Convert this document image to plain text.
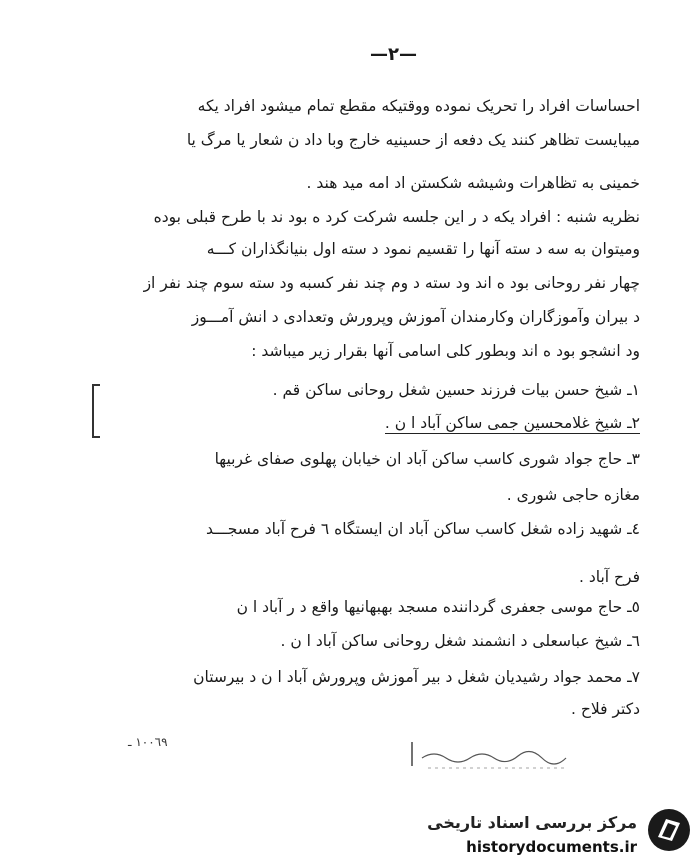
—٢—
احساسات افراد را تحریک نموده ووقتیکه مقطع تمام میشود افراد یکه
میبایست تظاهر کنند یک دفعه از حسینیه خارج وبا داد ن شعار یا مرگ یا
خمینی به تظاهرات وشیشه شکستن اد امه مید هند .
نظریه شنبه : افراد یکه د ر این جلسه شرکت کرد ه بود ند با طرح قبلی بوده
ومیتوان به سه د سته آنها را تقسیم نمود د سته اول بنیانگذاران کـــه
چهار نفر روحانی بود ه اند ود سته د وم چند نفر کسبه ود سته سوم چند نفر از
د بیران وآموزگاران وکارمندان آموزش وپرورش وتعدادی د انش آمـــوز
ود انشجو بود ه اند وبطور کلی اسامی آنها بقرار زیر میباشد :
١ـ شیخ حسن بیات فرزند حسین شغل روحانی ساکن قم .
٢ـ شیخ غلامحسین جمی ساکن آباد ا ن .
٣ـ حاج جواد شوری کاسب ساکن آباد ان خیابان پهلوی صفای غربیها
مغازه حاجی شوری .
٤ـ شهید زاده شغل کاسب ساکن آباد ان ایستگاه ٦ فرح آباد مسجـــد
فرح آباد .
٥ـ حاج موسی جعفری گرداننده مسجد بهبهانیها واقع د ر آباد ا ن
٦ـ شیخ عباسعلی د انشمند شغل روحانی ساکن آباد ا ن .
٧ـ محمد جواد رشیدیان شغل د بیر آموزش وپرورش آباد ا ن د بیرستان
دکتر فلاح .
١٠٠٦٩ ـ
مرکز بررسی اسناد تاریخی
historydocuments.ir
